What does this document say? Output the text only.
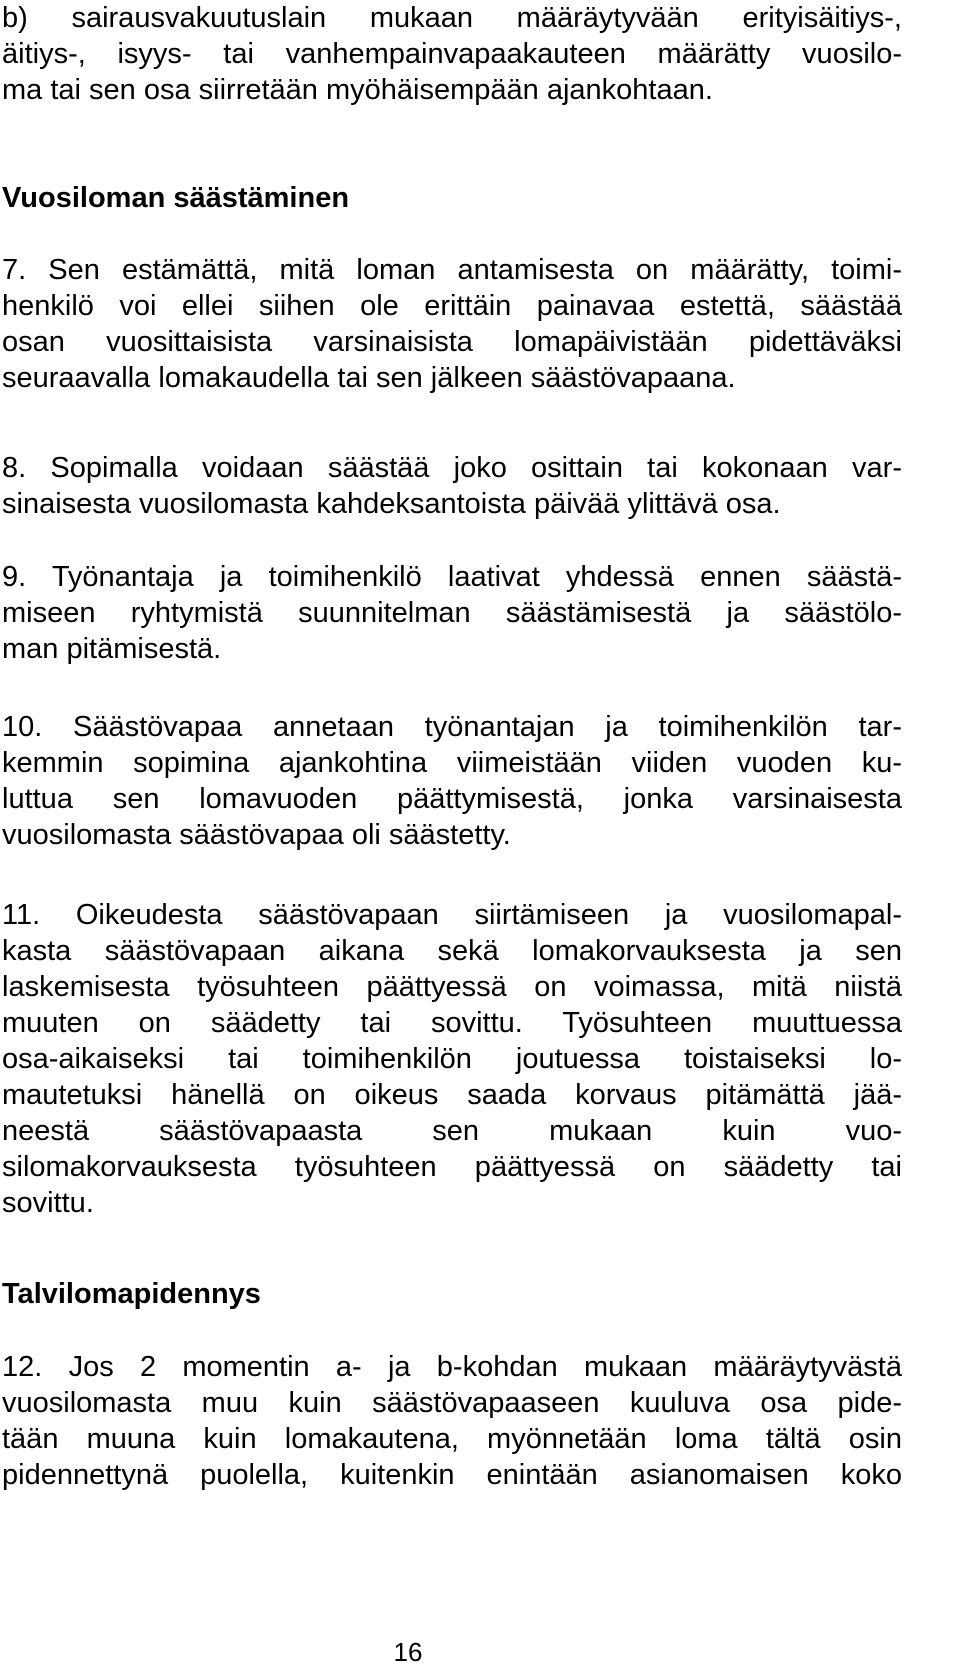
b) sairausvakuutuslain mukaan määräytyvään erityisäitiys-,

äitiys-, isyys- tai vanhempainvapaakauteen määrätty vuosilo-

ma tai sen osa siirretään myöhäisempään ajankohtaan.

Vuosiloman säästäminen

7. Sen estämättä, mitä loman antamisesta on määrätty, toimi-

henkilö voi ellei siihen ole erittäin painavaa estettä, säästää

osan vuosittaisista varsinaisista lomapäivistään pidettäväksi

seuraavalla lomakaudella tai sen jälkeen säästövapaana.

8. Sopimalla voidaan säästää joko osittain tai kokonaan var-

sinaisesta vuosilomasta kahdeksantoista päivää ylittävä osa.

9. Työnantaja ja toimihenkilö laativat yhdessä ennen säästä-

miseen ryhtymistä suunnitelman säästämisestä ja säästölo-

man pitämisestä.

10. Säästövapaa annetaan työnantajan ja toimihenkilön tar-

kemmin sopimina ajankohtina viimeistään viiden vuoden ku-

luttua sen lomavuoden päättymisestä, jonka varsinaisesta

vuosilomasta säästövapaa oli säästetty.

11. Oikeudesta säästövapaan siirtämiseen ja vuosilomapal-

kasta säästövapaan aikana sekä lomakorvauksesta ja sen

laskemisesta työsuhteen päättyessä on voimassa, mitä niistä

muuten on säädetty tai sovittu. Työsuhteen muuttuessa

osa-aikaiseksi tai toimihenkilön joutuessa toistaiseksi lo-

mautetuksi hänellä on oikeus saada korvaus pitämättä jää-

neestä säästövapaasta sen mukaan kuin vuo-

silomakorvauksesta työsuhteen päättyessä on säädetty tai

sovittu.

Talvilomapidennys

12. Jos 2 momentin a- ja b-kohdan mukaan määräytyvästä

vuosilomasta muu kuin säästövapaaseen kuuluva osa pide-

tään muuna kuin lomakautena, myönnetään loma tältä osin

pidennettynä puolella, kuitenkin enintään asianomaisen koko

16
